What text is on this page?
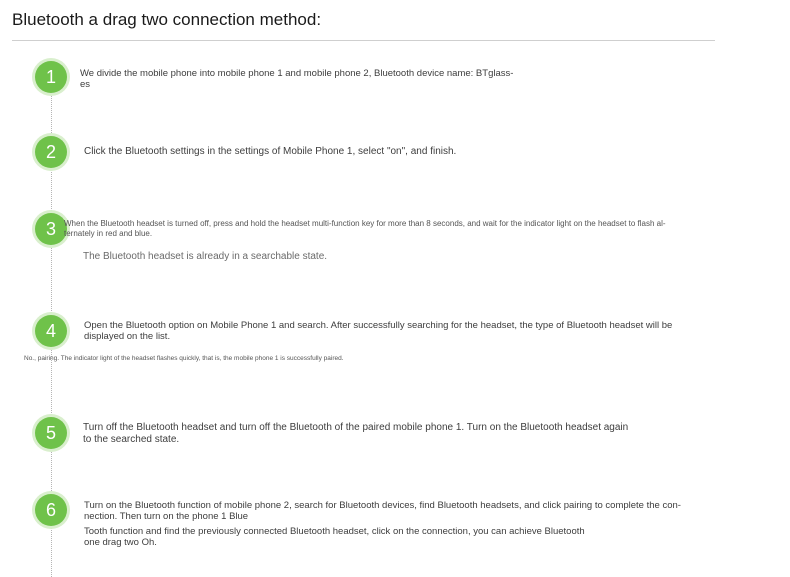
Bluetooth a drag two connection method:
1	We divide the mobile phone into mobile phone 1 and mobile phone 2, Bluetooth device name: BTglass-
es
2	Click the Bluetooth settings in the settings of Mobile Phone 1, select "on", and finish.
3	When the Bluetooth headset is turned off, press and hold the headset multi-function key for more than 8 seconds, and wait for the indicator light on the headset to flash al-
ternately in red and blue.
The Bluetooth headset is already in a searchable state.
4	Open the Bluetooth option on Mobile Phone 1 and search. After successfully searching for the headset, the type of Bluetooth headset will be
displayed on the list.
No., pairing. The indicator light of the headset flashes quickly, that is, the mobile phone 1 is successfully paired.
5	Turn off the Bluetooth headset and turn off the Bluetooth of the paired mobile phone 1. Turn on the Bluetooth headset again
to the searched state.
6	Turn on the Bluetooth function of mobile phone 2, search for Bluetooth devices, find Bluetooth headsets, and click pairing to complete the con-
nection. Then turn on the phone 1 Blue
Tooth function and find the previously connected Bluetooth headset, click on the connection, you can achieve Bluetooth
one drag two Oh.
